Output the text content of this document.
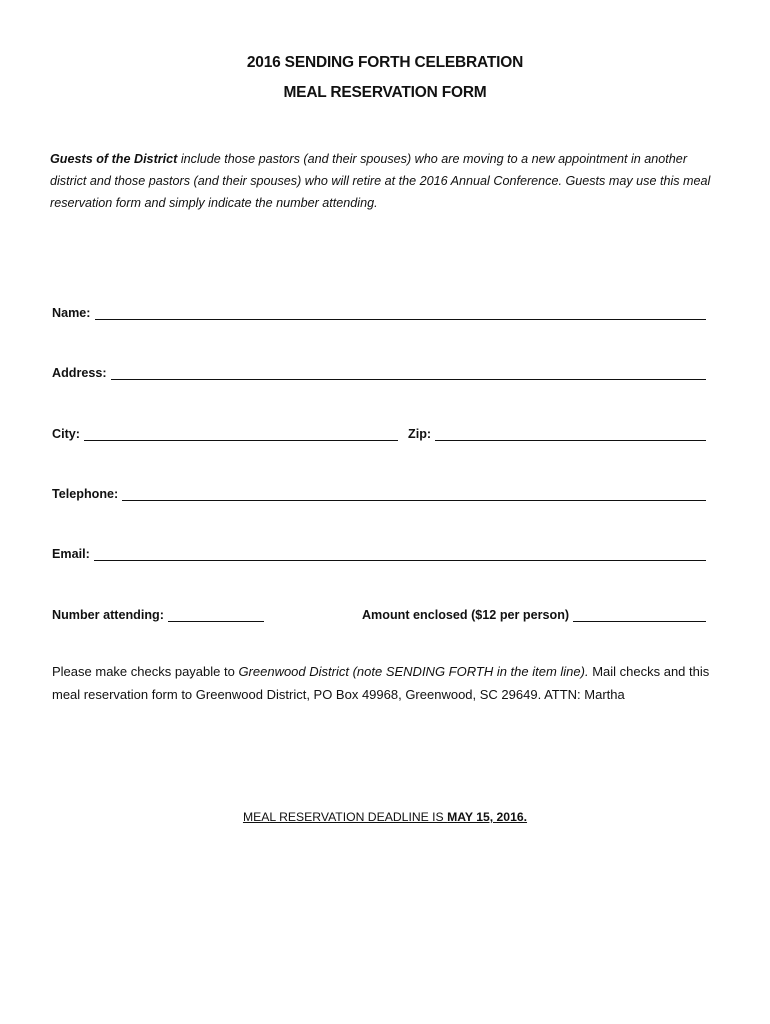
2016 SENDING FORTH CELEBRATION
MEAL RESERVATION FORM
Guests of the District include those pastors (and their spouses) who are moving to a new appointment in another district and those pastors (and their spouses) who will retire at the 2016 Annual Conference. Guests may use this meal reservation form and simply indicate the number attending.
Name:
Address:
City:	Zip:
Telephone:
Email:
Number attending:	Amount enclosed ($12 per person)
Please make checks payable to Greenwood District (note SENDING FORTH in the item line). Mail checks and this meal reservation form to Greenwood District, PO Box 49968, Greenwood, SC 29649. ATTN: Martha
MEAL RESERVATION DEADLINE IS MAY 15, 2016.
